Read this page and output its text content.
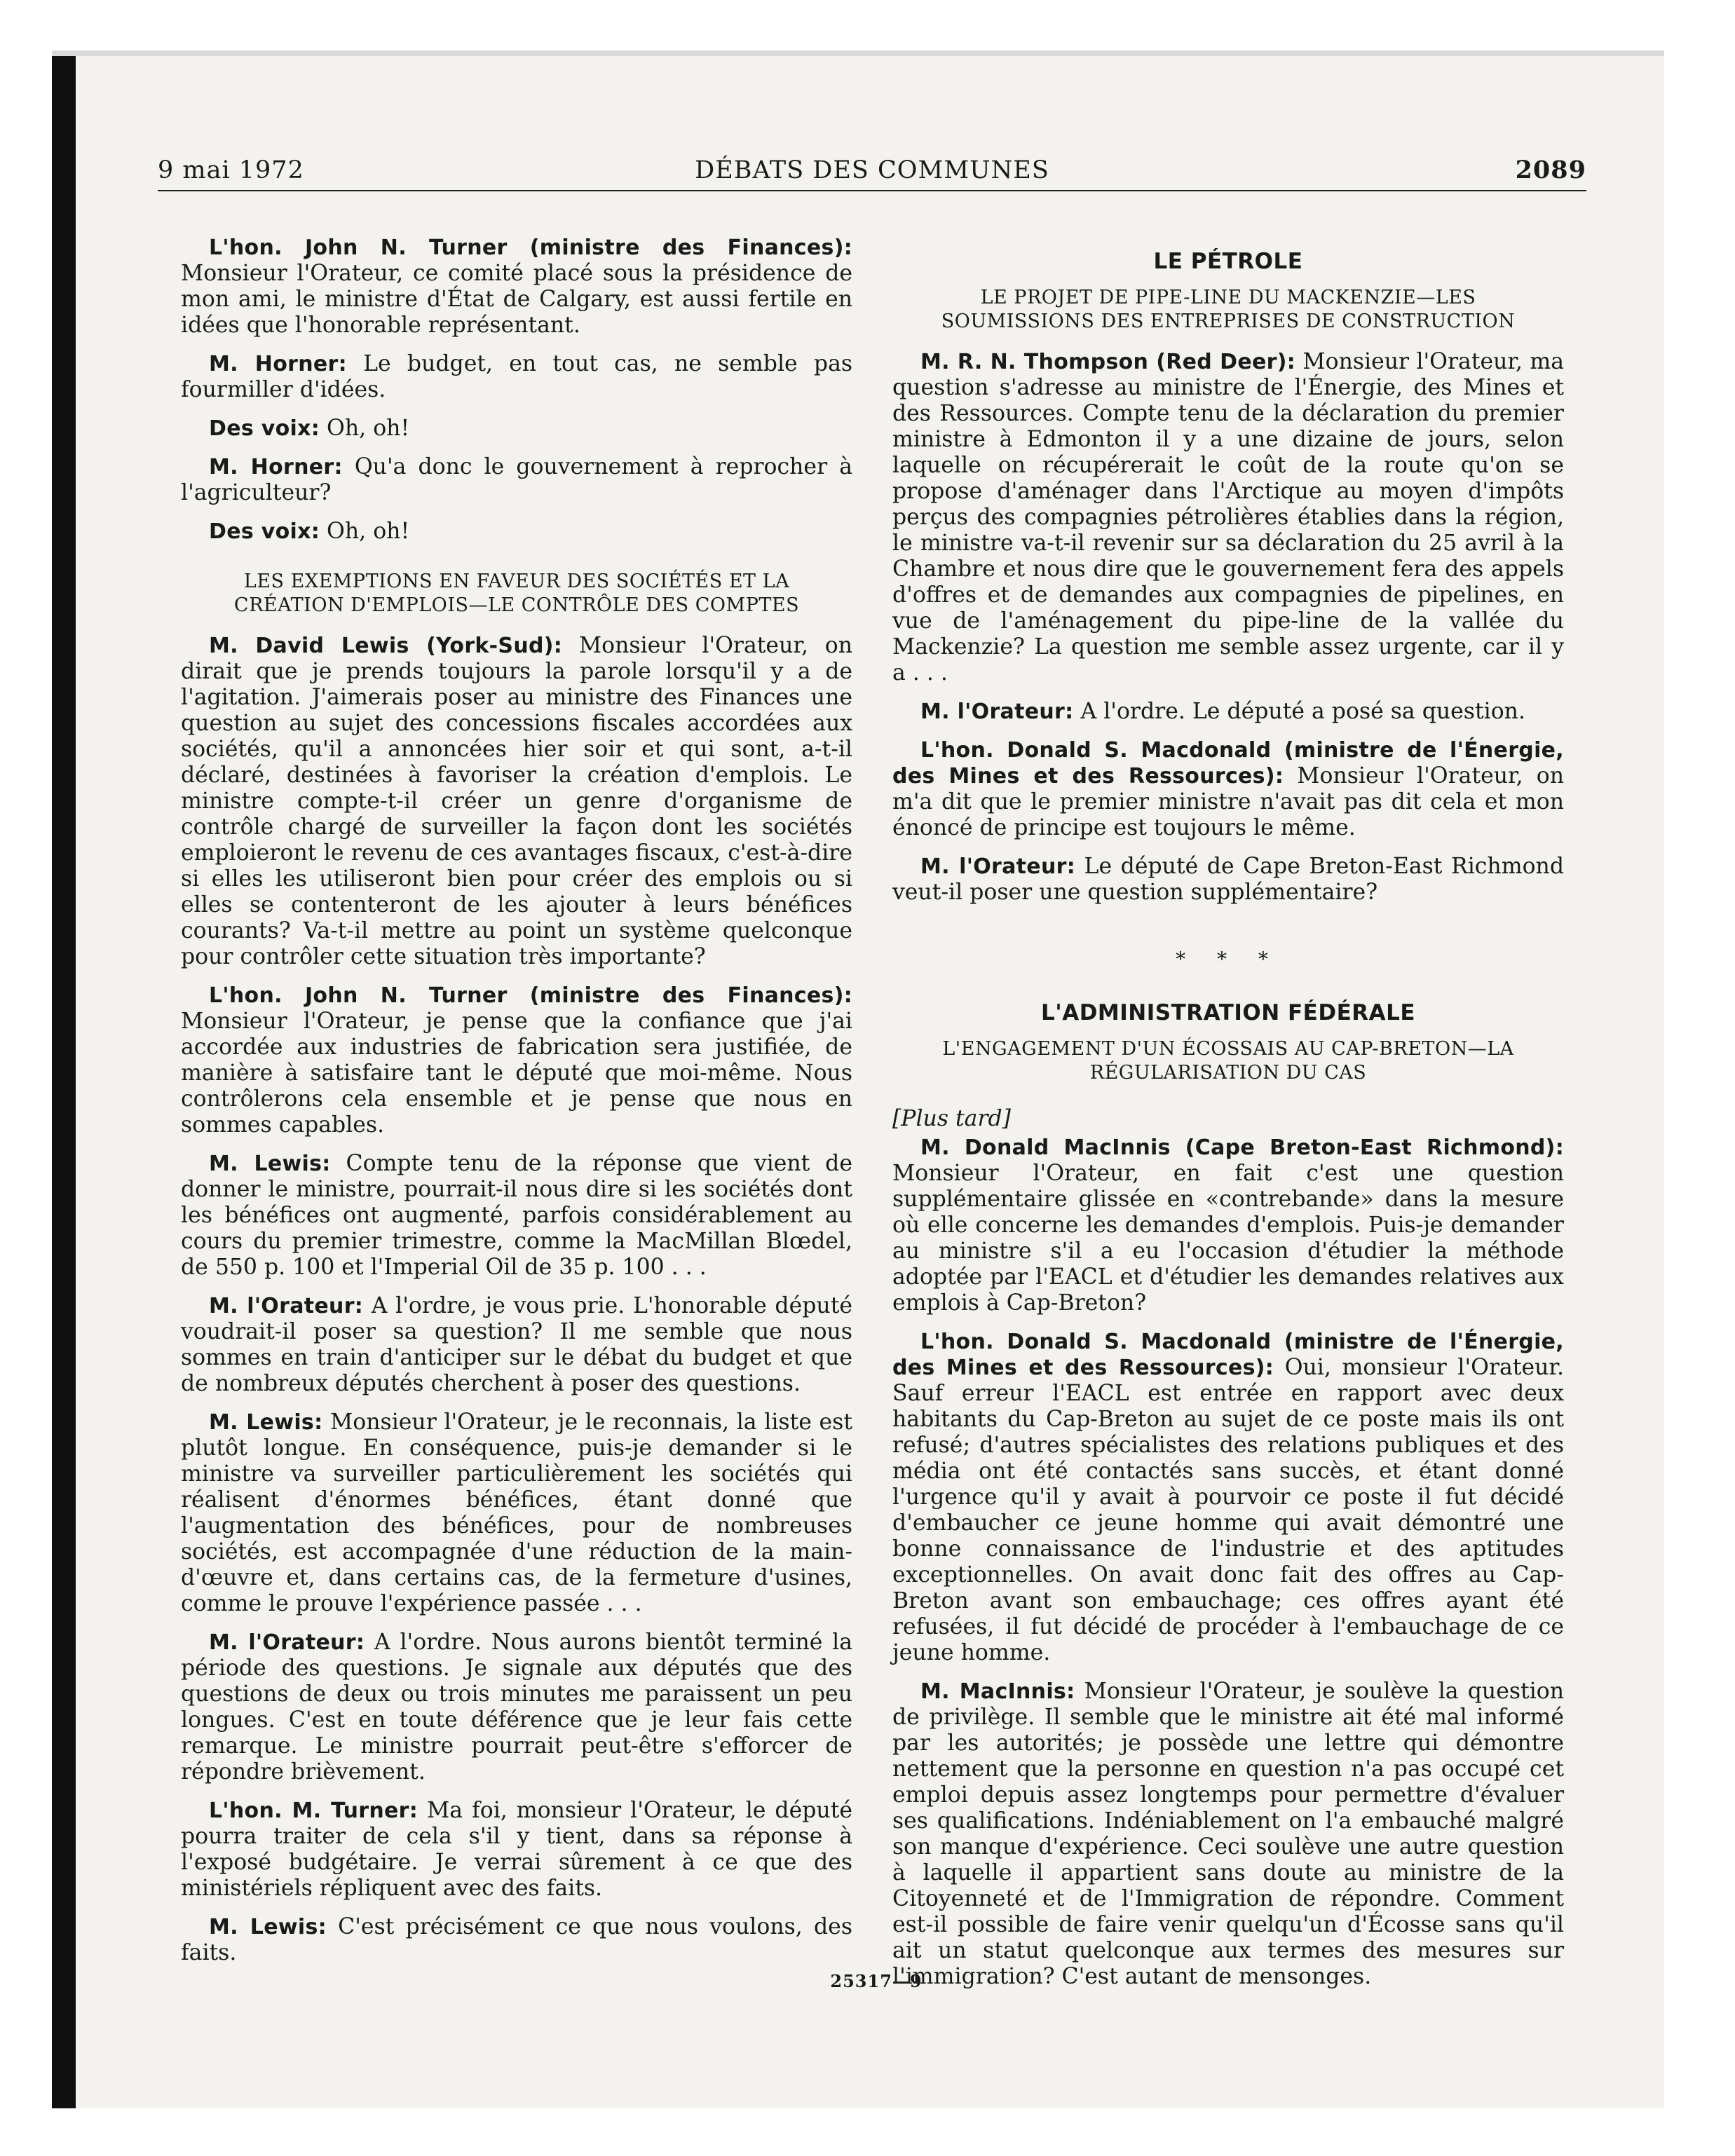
9 mai 1972	DÉBATS DES COMMUNES	2089

L'hon. John N. Turner (ministre des Finances): Monsieur l'Orateur, ce comité placé sous la présidence de mon ami, le ministre d'État de Calgary, est aussi fertile en idées que l'honorable représentant.

M. Horner: Le budget, en tout cas, ne semble pas fourmiller d'idées.

Des voix: Oh, oh!

M. Horner: Qu'a donc le gouvernement à reprocher à l'agriculteur?

Des voix: Oh, oh!

LES EXEMPTIONS EN FAVEUR DES SOCIÉTÉS ET LA CRÉATION D'EMPLOIS—LE CONTRÔLE DES COMPTES

M. David Lewis (York-Sud): Monsieur l'Orateur, on dirait que je prends toujours la parole lorsqu'il y a de l'agitation. J'aimerais poser au ministre des Finances une question au sujet des concessions fiscales accordées aux sociétés, qu'il a annoncées hier soir et qui sont, a-t-il déclaré, destinées à favoriser la création d'emplois. Le ministre compte-t-il créer un genre d'organisme de contrôle chargé de surveiller la façon dont les sociétés emploieront le revenu de ces avantages fiscaux, c'est-à-dire si elles les utiliseront bien pour créer des emplois ou si elles se contenteront de les ajouter à leurs bénéfices courants? Va-t-il mettre au point un système quelconque pour contrôler cette situation très importante?

L'hon. John N. Turner (ministre des Finances): Monsieur l'Orateur, je pense que la confiance que j'ai accordée aux industries de fabrication sera justifiée, de manière à satisfaire tant le député que moi-même. Nous contrôlerons cela ensemble et je pense que nous en sommes capables.

M. Lewis: Compte tenu de la réponse que vient de donner le ministre, pourrait-il nous dire si les sociétés dont les bénéfices ont augmenté, parfois considérablement au cours du premier trimestre, comme la MacMillan Blœdel, de 550 p. 100 et l'Imperial Oil de 35 p. 100 . . .

M. l'Orateur: A l'ordre, je vous prie. L'honorable député voudrait-il poser sa question? Il me semble que nous sommes en train d'anticiper sur le débat du budget et que de nombreux députés cherchent à poser des questions.

M. Lewis: Monsieur l'Orateur, je le reconnais, la liste est plutôt longue. En conséquence, puis-je demander si le ministre va surveiller particulièrement les sociétés qui réalisent d'énormes bénéfices, étant donné que l'augmentation des bénéfices, pour de nombreuses sociétés, est accompagnée d'une réduction de la main-d'œuvre et, dans certains cas, de la fermeture d'usines, comme le prouve l'expérience passée . . .

M. l'Orateur: A l'ordre. Nous aurons bientôt terminé la période des questions. Je signale aux députés que des questions de deux ou trois minutes me paraissent un peu longues. C'est en toute déférence que je leur fais cette remarque. Le ministre pourrait peut-être s'efforcer de répondre brièvement.

L'hon. M. Turner: Ma foi, monsieur l'Orateur, le député pourra traiter de cela s'il y tient, dans sa réponse à l'exposé budgétaire. Je verrai sûrement à ce que des ministériels répliquent avec des faits.

M. Lewis: C'est précisément ce que nous voulons, des faits.

LE PÉTROLE
LE PROJET DE PIPE-LINE DU MACKENZIE—LES SOUMISSIONS DES ENTREPRISES DE CONSTRUCTION

M. R. N. Thompson (Red Deer): Monsieur l'Orateur, ma question s'adresse au ministre de l'Énergie, des Mines et des Ressources. Compte tenu de la déclaration du premier ministre à Edmonton il y a une dizaine de jours, selon laquelle on récupérerait le coût de la route qu'on se propose d'aménager dans l'Arctique au moyen d'impôts perçus des compagnies pétrolières établies dans la région, le ministre va-t-il revenir sur sa déclaration du 25 avril à la Chambre et nous dire que le gouvernement fera des appels d'offres et de demandes aux compagnies de pipelines, en vue de l'aménagement du pipe-line de la vallée du Mackenzie? La question me semble assez urgente, car il y a . . .

M. l'Orateur: A l'ordre. Le député a posé sa question.

L'hon. Donald S. Macdonald (ministre de l'Énergie, des Mines et des Ressources): Monsieur l'Orateur, on m'a dit que le premier ministre n'avait pas dit cela et mon énoncé de principe est toujours le même.

M. l'Orateur: Le député de Cape Breton-East Richmond veut-il poser une question supplémentaire?

* * *
L'ADMINISTRATION FÉDÉRALE
L'ENGAGEMENT D'UN ÉCOSSAIS AU CAP-BRETON—LA RÉGULARISATION DU CAS
[Plus tard]

M. Donald MacInnis (Cape Breton-East Richmond): Monsieur l'Orateur, en fait c'est une question supplémentaire glissée en «contrebande» dans la mesure où elle concerne les demandes d'emplois. Puis-je demander au ministre s'il a eu l'occasion d'étudier la méthode adoptée par l'EACL et d'étudier les demandes relatives aux emplois à Cap-Breton?

L'hon. Donald S. Macdonald (ministre de l'Énergie, des Mines et des Ressources): Oui, monsieur l'Orateur. Sauf erreur l'EACL est entrée en rapport avec deux habitants du Cap-Breton au sujet de ce poste mais ils ont refusé; d'autres spécialistes des relations publiques et des média ont été contactés sans succès, et étant donné l'urgence qu'il y avait à pourvoir ce poste il fut décidé d'embaucher ce jeune homme qui avait démontré une bonne connaissance de l'industrie et des aptitudes exceptionnelles. On avait donc fait des offres au Cap-Breton avant son embauchage; ces offres ayant été refusées, il fut décidé de procéder à l'embauchage de ce jeune homme.

M. MacInnis: Monsieur l'Orateur, je soulève la question de privilège. Il semble que le ministre ait été mal informé par les autorités; je possède une lettre qui démontre nettement que la personne en question n'a pas occupé cet emploi depuis assez longtemps pour permettre d'évaluer ses qualifications. Indéniablement on l'a embauché malgré son manque d'expérience. Ceci soulève une autre question à laquelle il appartient sans doute au ministre de la Citoyenneté et de l'Immigration de répondre. Comment est-il possible de faire venir quelqu'un d'Écosse sans qu'il ait un statut quelconque aux termes des mesures sur l'immigration? C'est autant de mensonges.

25317—9
